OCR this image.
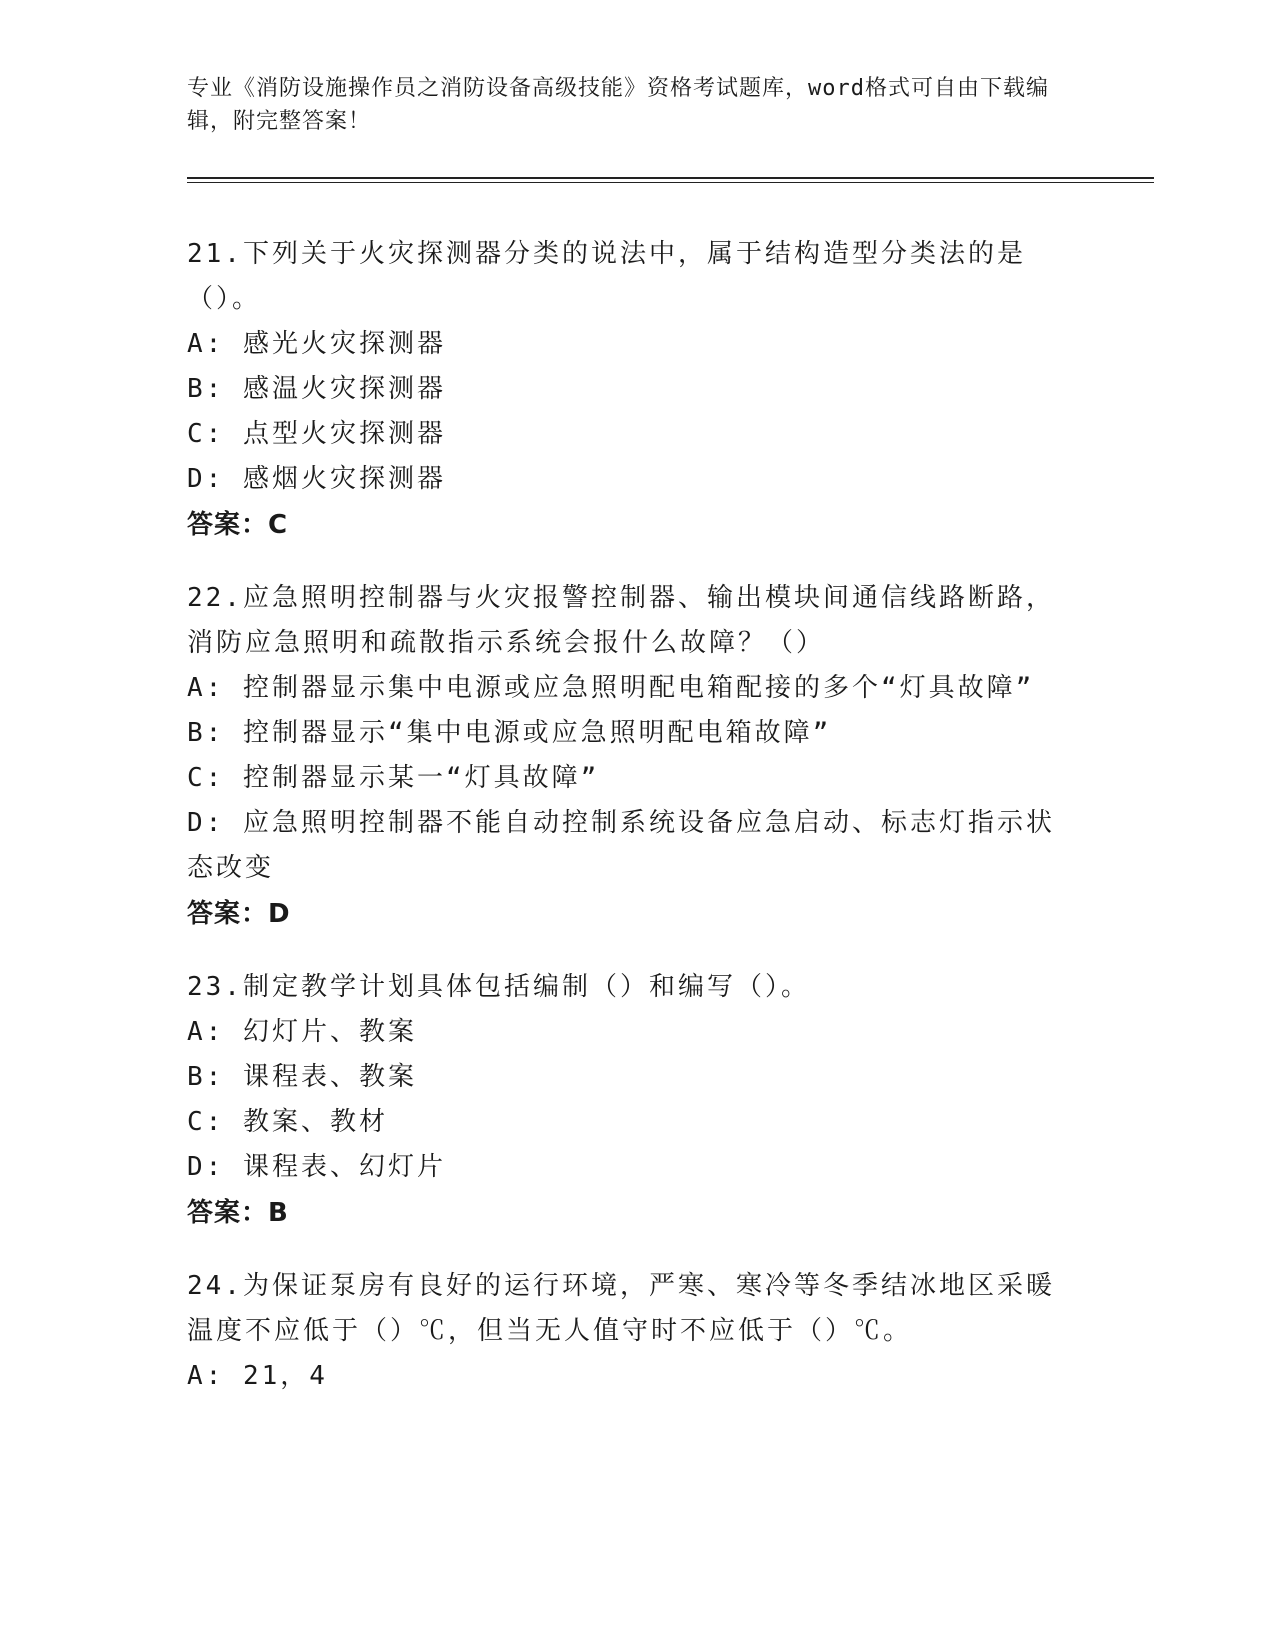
专业《消防设施操作员之消防设备高级技能》资格考试题库，word格式可自由下载编辑，附完整答案！
21.下列关于火灾探测器分类的说法中，属于结构造型分类法的是（）。
A: 感光火灾探测器
B: 感温火灾探测器
C: 点型火灾探测器
D: 感烟火灾探测器
答案：C
22.应急照明控制器与火灾报警控制器、输出模块间通信线路断路，消防应急照明和疏散指示系统会报什么故障？（）
A: 控制器显示集中电源或应急照明配电箱配接的多个“灯具故障”
B: 控制器显示“集中电源或应急照明配电箱故障”
C: 控制器显示某一“灯具故障”
D: 应急照明控制器不能自动控制系统设备应急启动、标志灯指示状态改变
答案：D
23.制定教学计划具体包括编制（）和编写（）。
A: 幻灯片、教案
B: 课程表、教案
C: 教案、教材
D: 课程表、幻灯片
答案：B
24.为保证泵房有良好的运行环境，严寒、寒冷等冬季结冰地区采暖温度不应低于（）℃，但当无人值守时不应低于（）℃。
A: 21，4
